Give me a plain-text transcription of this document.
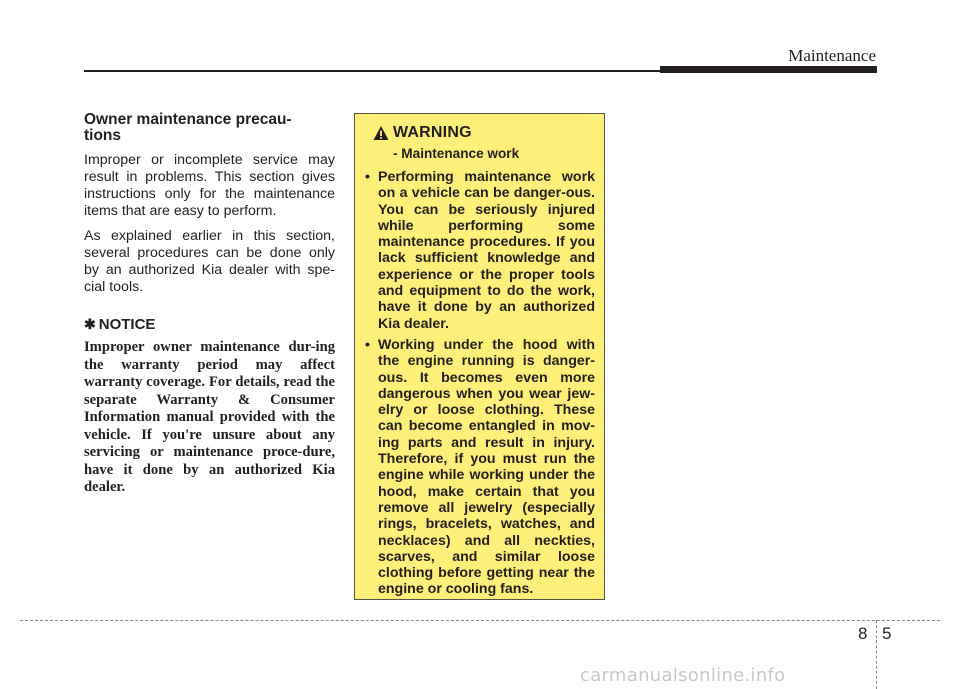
Maintenance
Owner maintenance precau-
tions

Improper or incomplete service may result in problems. This section gives instructions only for the maintenance items that are easy to perform.

As explained earlier in this section, several procedures can be done only by an authorized Kia dealer with spe-cial tools.

✱ NOTICE
Improper owner maintenance dur-ing the warranty period may affect warranty coverage. For details, read the separate Warranty & Consumer Information manual provided with the vehicle. If you're unsure about any servicing or maintenance proce-dure, have it done by an authorized Kia dealer.
WARNING
- Maintenance work
• Performing maintenance work on a vehicle can be danger-ous. You can be seriously injured while performing some maintenance procedures. If you lack sufficient knowledge and experience or the proper tools and equipment to do the work, have it done by an authorized Kia dealer.
• Working under the hood with the engine running is danger-ous. It becomes even more dangerous when you wear jew-elry or loose clothing. These can become entangled in mov-ing parts and result in injury. Therefore, if you must run the engine while working under the hood, make certain that you remove all jewelry (especially rings, bracelets, watches, and necklaces) and all neckties, scarves, and similar loose clothing before getting near the engine or cooling fans.
8 5
carmanualsonline.info
